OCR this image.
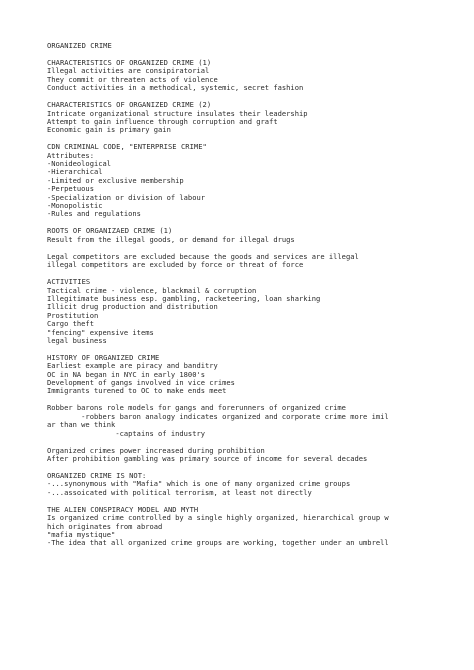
ORGANIZED CRIME
CHARACTERISTICS OF ORGANIZED CRIME (1)
Illegal activities are consipiratorial
They commit or threaten acts of violence
Conduct activities in a methodical, systemic, secret fashion
CHARACTERISTICS OF ORGANIZED CRIME (2)
Intricate organizational structure insulates their leadership
Attempt to gain influence through corruption and graft
Economic gain is primary gain
CDN CRIMINAL CODE, "ENTERPRISE CRIME"
Attributes:
-Nonideological
-Hierarchical
-Limited or exclusive membership
-Perpetuous
-Specialization or division of labour
-Monopolistic
-Rules and regulations
ROOTS OF ORGANIZAED CRIME (1)
Result from the illegal goods, or demand for illegal drugs
Legal competitors are excluded because the goods and services are illegal
illegal competitors are excluded by force or threat of force
ACTIVITIES
Tactical crime - violence, blackmail & corruption
Illegitimate business esp. gambling, racketeering, loan sharking
Illicit drug production and distribution
Prostitution
Cargo theft
"fencing" expensive items
legal business
HISTORY OF ORGANIZED CRIME
Earliest example are piracy and banditry
OC in NA began in NYC in early 1800's
Development of gangs involved in vice crimes
Immigrants turened to OC to make ends meet
Robber barons role models for gangs and forerunners of organized crime
-robbers baron analogy indicates organized and corporate crime more imil
ar than we think
-captains of industry
Organized crimes power increased during prohibition
After prohibition gambling was primary source of income for several decades
ORGANIZED CRIME IS NOT:
-...synonymous with "Mafia" which is one of many organized crime groups
-...assoicated with political terrorism, at least not directly
THE ALIEN CONSPIRACY MODEL AND MYTH
Is organized crime controlled by a single highly organized, hierarchical group w
hich originates from abroad
"mafia mystique"
-The idea that all organized crime groups are working, together under an umbrell
